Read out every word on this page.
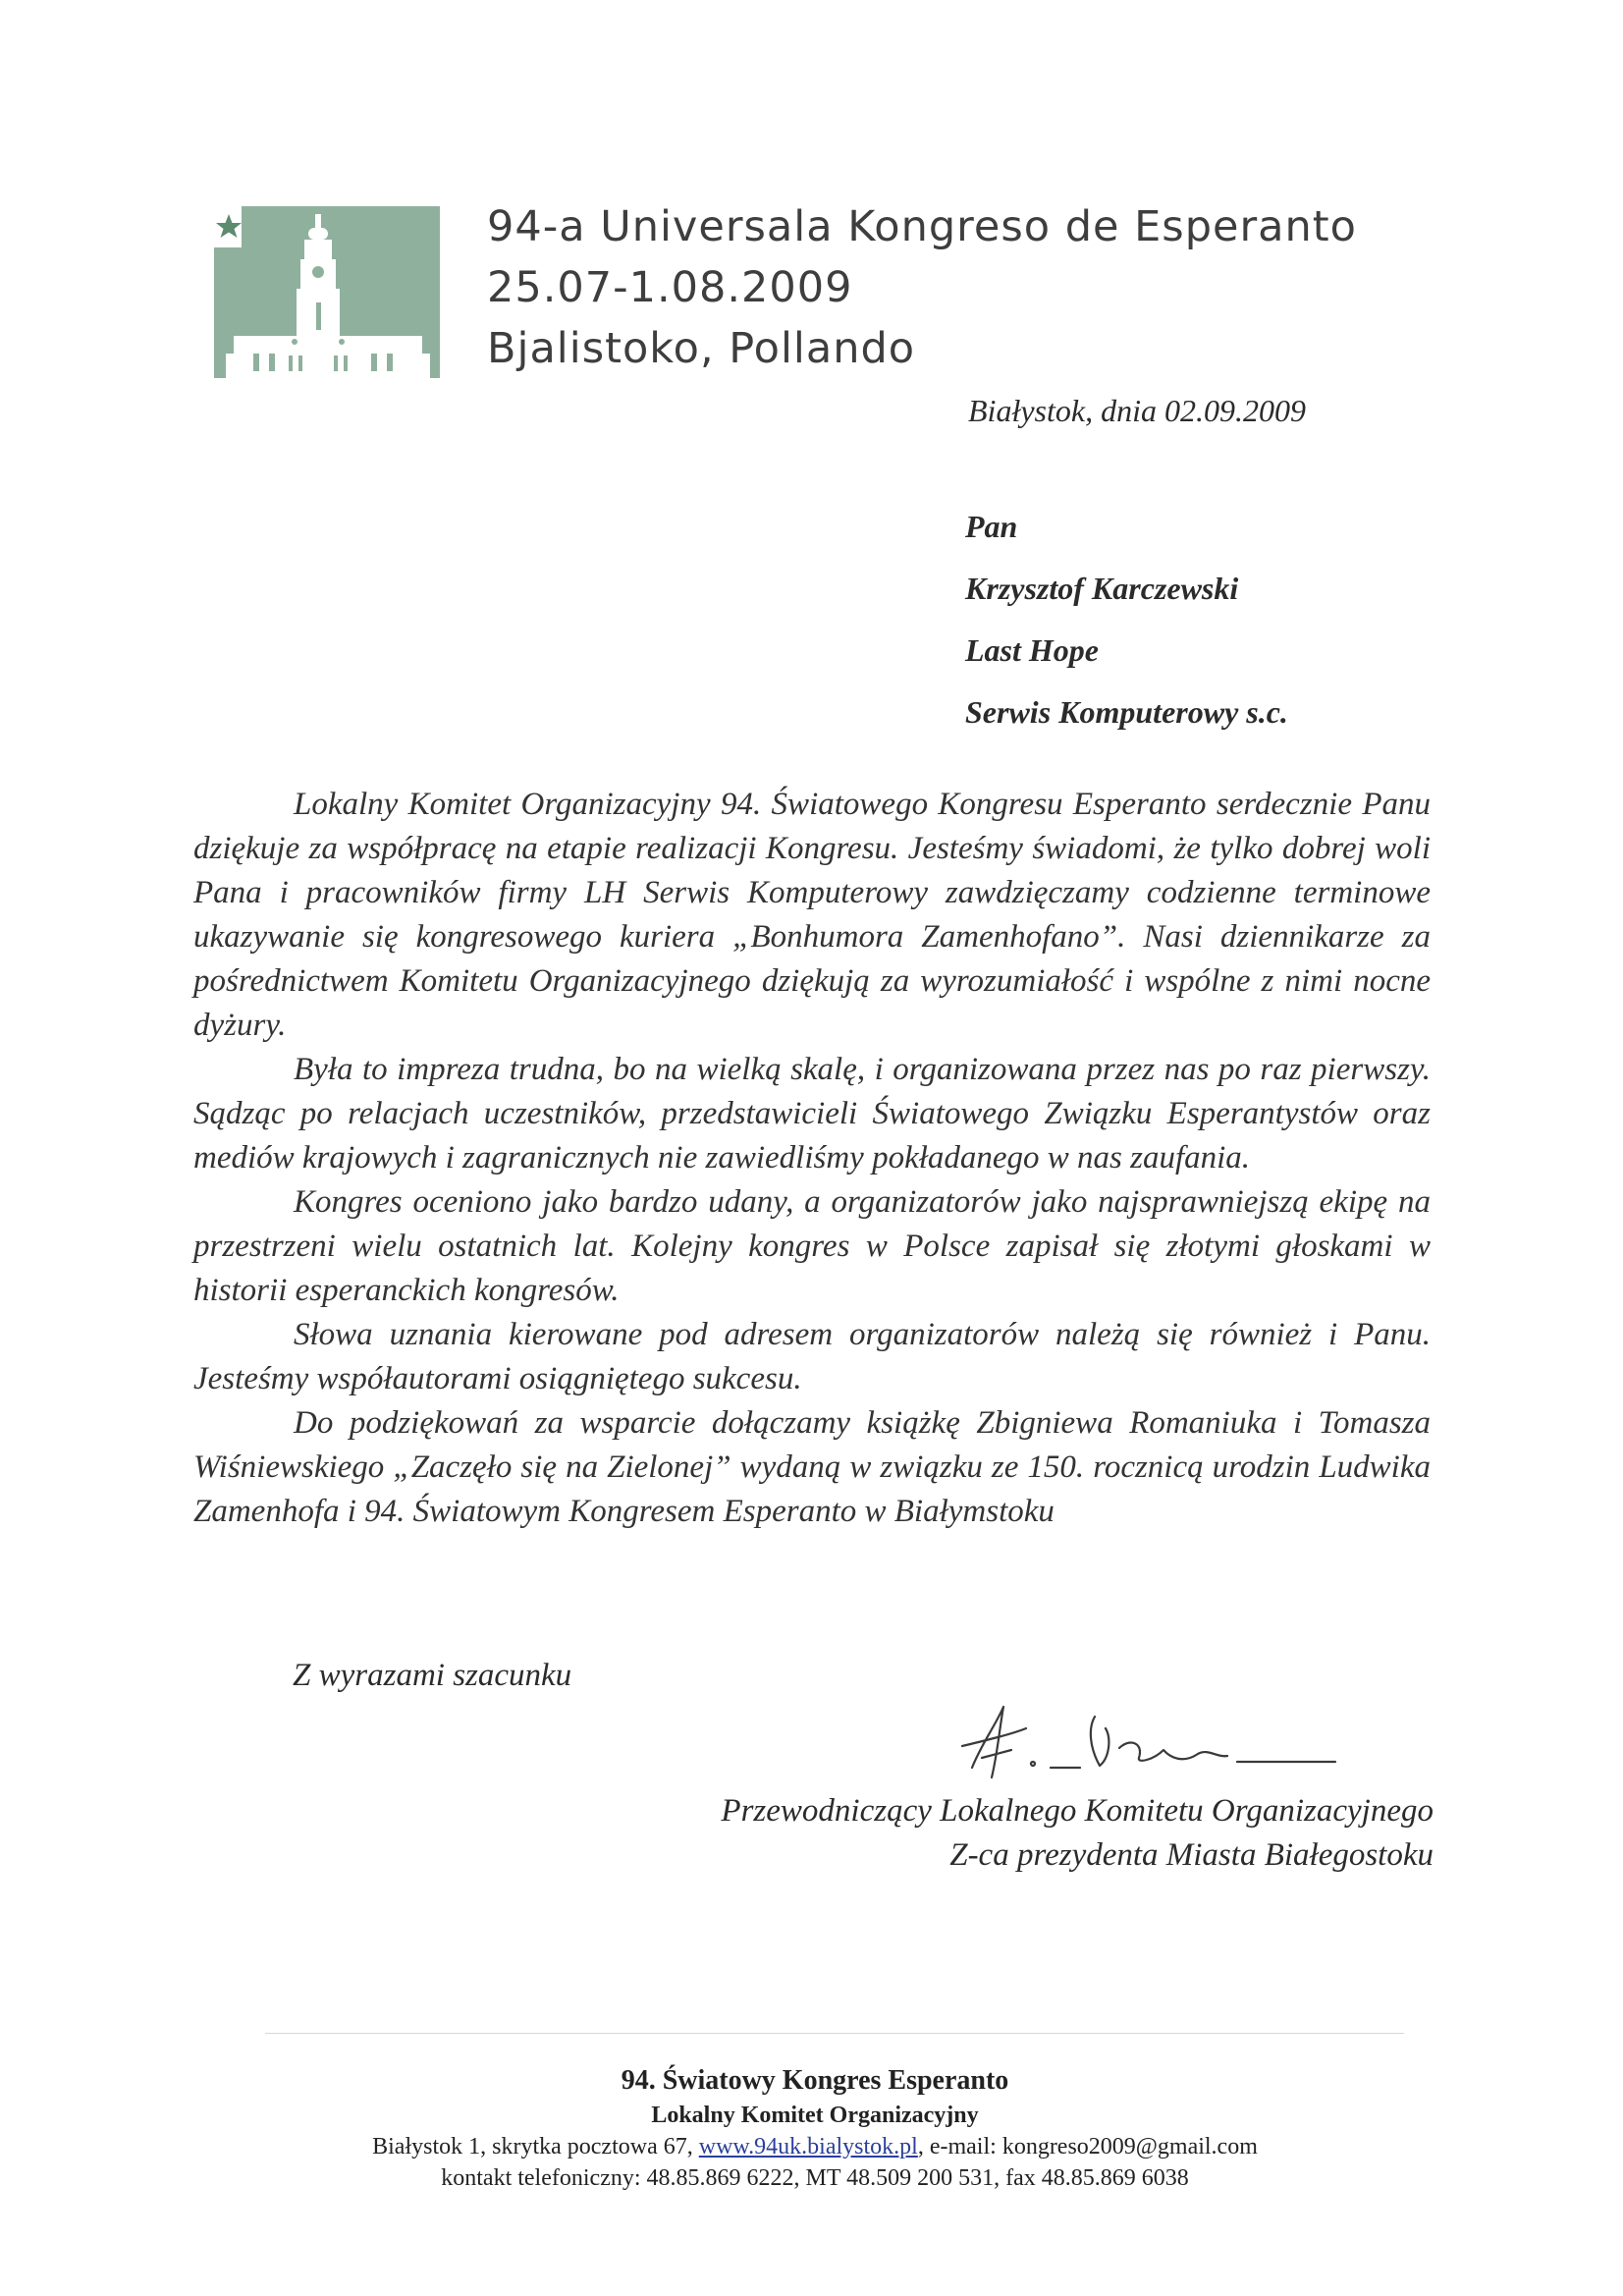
94-a Universala Kongreso de Esperanto
25.07-1.08.2009
Bjalistoko, Pollando
Białystok, dnia 02.09.2009
Pan
Krzysztof Karczewski
Last Hope
Serwis Komputerowy s.c.

Lokalny Komitet Organizacyjny 94. Światowego Kongresu Esperanto serdecznie Panu dziękuje za współpracę na etapie realizacji Kongresu. Jesteśmy świadomi, że tylko dobrej woli Pana i pracowników firmy LH Serwis Komputerowy zawdzięczamy codzienne terminowe ukazywanie się kongresowego kuriera „Bonhumora Zamenhofano”. Nasi dziennikarze za pośrednictwem Komitetu Organizacyjnego dziękują za wyrozumiałość i wspólne z nimi nocne dyżury.

Była to impreza trudna, bo na wielką skalę, i organizowana przez nas po raz pierwszy. Sądząc po relacjach uczestników, przedstawicieli Światowego Związku Esperantystów oraz mediów krajowych i zagranicznych nie zawiedliśmy pokładanego w nas zaufania.

Kongres oceniono jako bardzo udany, a organizatorów jako najsprawniejszą ekipę na przestrzeni wielu ostatnich lat. Kolejny kongres w Polsce zapisał się złotymi głoskami w historii esperanckich kongresów.

Słowa uznania kierowane pod adresem organizatorów należą się również i Panu. Jesteśmy współautorami osiągniętego sukcesu.

Do podziękowań za wsparcie dołączamy książkę Zbigniewa Romaniuka i Tomasza Wiśniewskiego „Zaczęło się na Zielonej” wydaną w związku ze 150. rocznicą urodzin Ludwika Zamenhofa i 94. Światowym Kongresem Esperanto w Białymstoku

Z wyrazami szacunku
Przewodniczący Lokalnego Komitetu Organizacyjnego
Z-ca prezydenta Miasta Białegostoku
94. Światowy Kongres Esperanto
Lokalny Komitet Organizacyjny
Białystok 1, skrytka pocztowa 67, www.94uk.bialystok.pl, e-mail: kongreso2009@gmail.com
kontakt telefoniczny: 48.85.869 6222, MT 48.509 200 531, fax 48.85.869 6038
